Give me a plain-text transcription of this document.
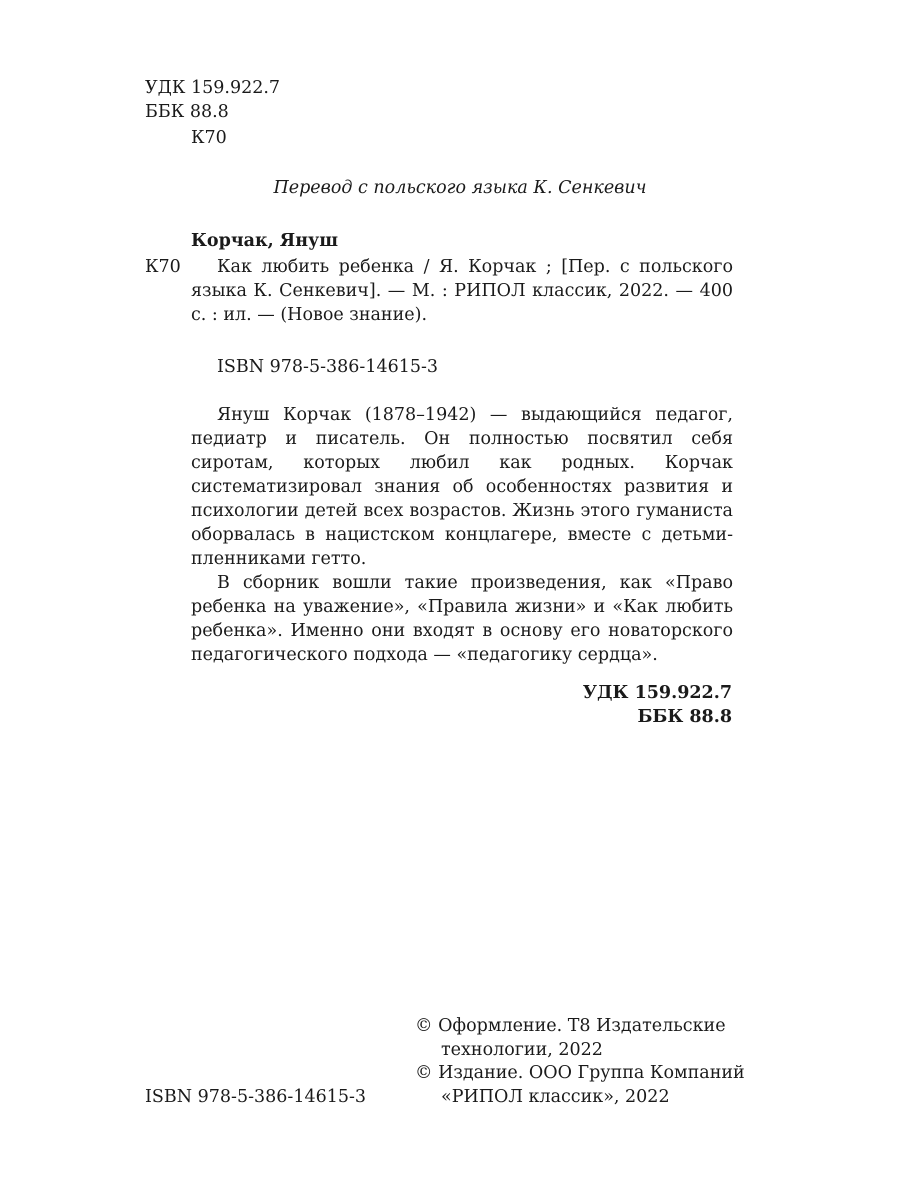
УДК 159.922.7
ББК 88.8
К70
Перевод с польского языка К. Сенкевич
Корчак, Януш
К70	Как любить ребенка / Я. Корчак ; [Пер. с польского языка К. Сенкевич]. — М. : РИПОЛ классик, 2022. — 400 с. : ил. — (Новое знание).

ISBN 978-5-386-14615-3

Януш Корчак (1878–1942) — выдающийся педагог, педиатр и писатель. Он полностью посвятил себя сиротам, которых любил как родных. Корчак систематизировал знания об особенностях развития и психологии детей всех возрастов. Жизнь этого гуманиста оборвалась в нацистском концлагере, вместе с детьми-пленниками гетто.

В сборник вошли такие произведения, как «Право ребенка на уважение», «Правила жизни» и «Как любить ребенка». Именно они входят в основу его новаторского педагогического подхода — «педагогику сердца».

УДК 159.922.7
ББК 88.8
© Оформление. Т8 Издательские
технологии, 2022
© Издание. ООО Группа Компаний
ISBN 978-5-386-14615-3	«РИПОЛ классик», 2022
